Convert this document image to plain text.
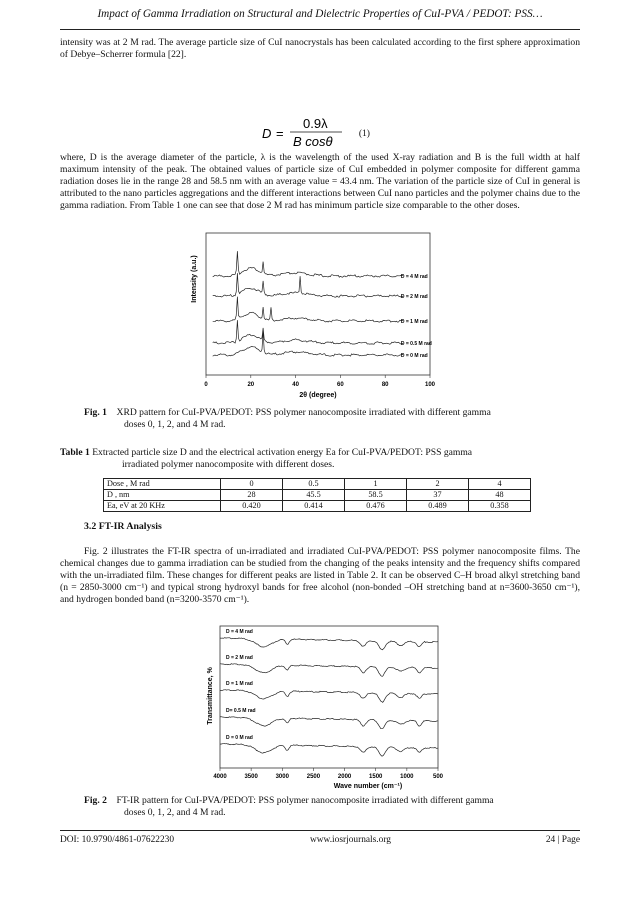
Impact of Gamma Irradiation on Structural and Dielectric Properties of CuI-PVA / PEDOT: PSS…
intensity was at 2 M rad. The average particle size of CuI nanocrystals has been calculated according to the first sphere approximation of Debye–Scherrer formula [22].
D =
0.9λ
B cosθ
(1)
where, D is the average diameter of the particle, λ is the wavelength of the used X-ray radiation and B is the full width at half maximum intensity of the peak. The obtained values of particle size of CuI embedded in polymer composite for different gamma radiation doses lie in the range 28 and 58.5 nm with an average value = 43.4 nm. The variation of the particle size of CuI in general is attributed to the nano particles aggregations and the different interactions between CuI nano particles and the polymer chains due to the gamma radiation. From Table 1 one can see that dose 2 M rad has minimum particle size comparable to the other doses.
D = 4 M rad
D = 2 M rad
D = 1 M rad
D = 0.5 M rad
D = 0 M rad
0	20	40	60	80	100
2θ (degree)
Intensity (a.u.)
Fig. 1 XRD pattern for CuI-PVA/PEDOT: PSS polymer nanocomposite irradiated with different gamma
doses 0, 1, 2, and 4 M rad.
Table 1 Extracted particle size D and the electrical activation energy Ea for CuI-PVA/PEDOT: PSS gamma
irradiated polymer nanocomposite with different doses.
Dose , M rad	0	0.5	1	2	4
D , nm	28	45.5	58.5	37	48
Ea, eV at 20 KHz	0.420	0.414	0.476	0.489	0.358
3.2 FT-IR Analysis
Fig. 2 illustrates the FT-IR spectra of un-irradiated and irradiated CuI-PVA/PEDOT: PSS polymer nanocomposite films. The chemical changes due to gamma irradiation can be studied from the changing of the peaks intensity and the frequency shifts compared with the un-irradiated film. These changes for different peaks are listed in Table 2. It can be observed C–H broad alkyl stretching band (n = 2850-3000 cm⁻¹) and typical strong hydroxyl bands for free alcohol (non-bonded –OH stretching band at n=3600-3650 cm⁻¹), and hydrogen bonded band (n=3200-3570 cm⁻¹).
D = 4 M rad
D = 2 M rad
D = 1 M rad
D= 0.5 M rad
D = 0 M rad
4000	3500	3000	2500	2000	1500	1000	500
Wave number (cm⁻¹)
Transmittance, %
Fig. 2 FT-IR pattern for CuI-PVA/PEDOT: PSS polymer nanocomposite irradiated with different gamma
doses 0, 1, 2, and 4 M rad.
DOI: 10.9790/4861-07622230	www.iosrjournals.org	24 | Page
